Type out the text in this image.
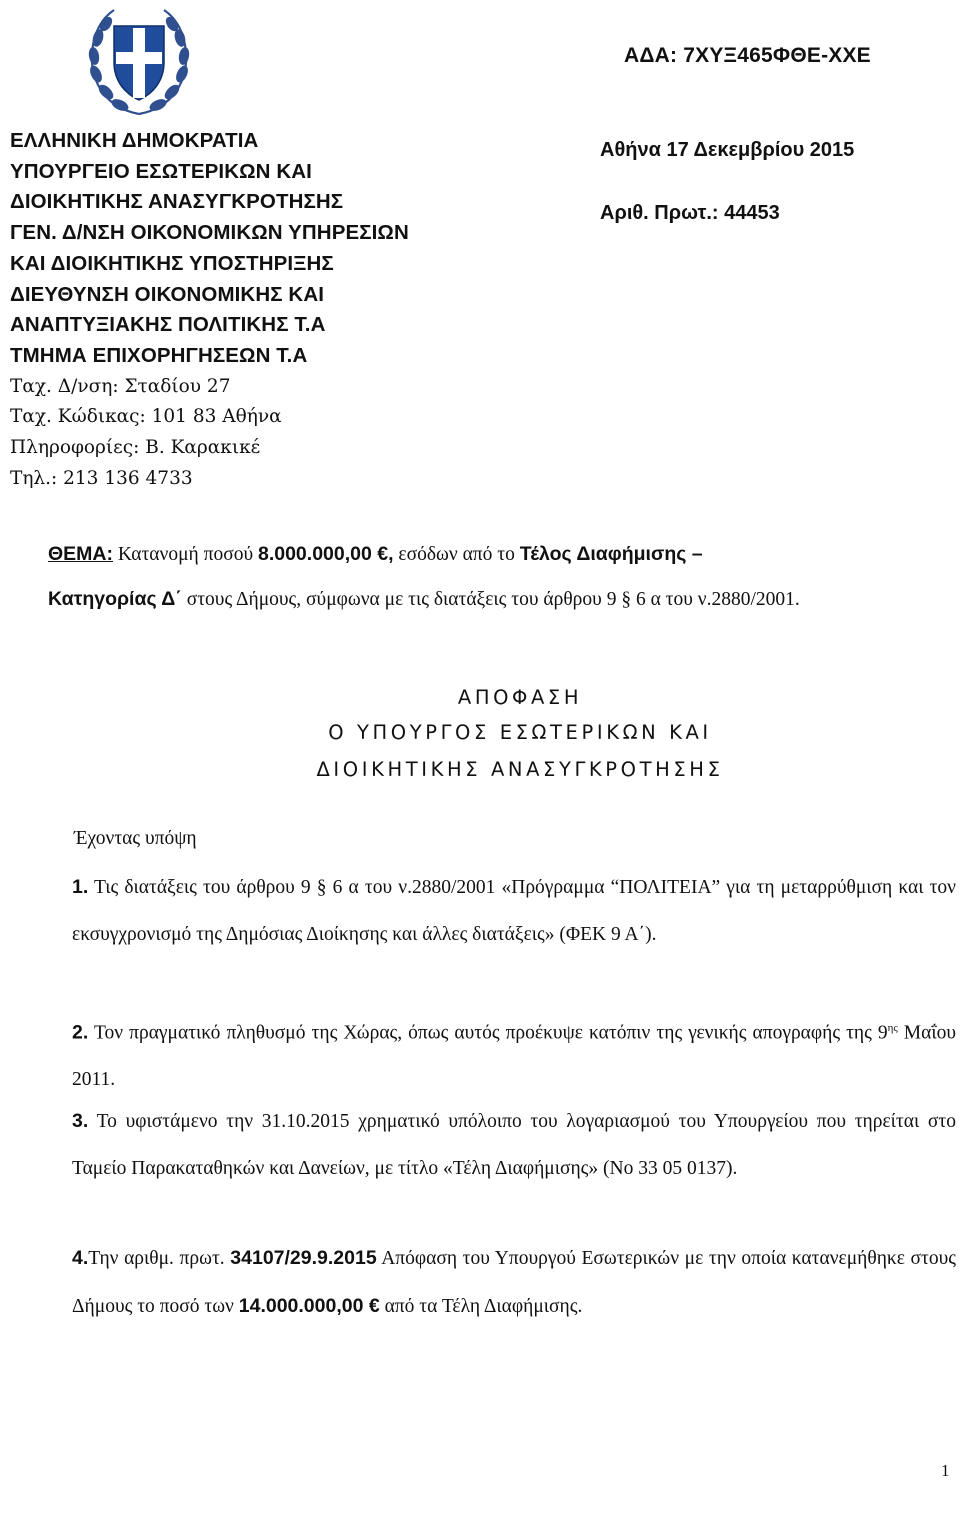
ΑΔΑ: 7ΧΥΞ465ΦΘΕ-ΧΧΕ
ΕΛΛΗΝΙΚΗ ΔΗΜΟΚΡΑΤΙΑ
ΥΠΟΥΡΓΕΙΟ ΕΣΩΤΕΡΙΚΩΝ ΚΑΙ
ΔΙΟΙΚΗΤΙΚΗΣ ΑΝΑΣΥΓΚΡΟΤΗΣΗΣ
ΓΕΝ. Δ/ΝΣΗ ΟΙΚΟΝΟΜΙΚΩΝ ΥΠΗΡΕΣΙΩΝ
ΚΑΙ ΔΙΟΙΚΗΤΙΚΗΣ ΥΠΟΣΤΗΡΙΞΗΣ
ΔΙΕΥΘΥΝΣΗ ΟΙΚΟΝΟΜΙΚΗΣ ΚΑΙ
ΑΝΑΠΤΥΞΙΑΚΗΣ ΠΟΛΙΤΙΚΗΣ Τ.Α
ΤΜΗΜΑ ΕΠΙΧΟΡΗΓΗΣΕΩΝ Τ.Α
Ταχ. Δ/νση: Σταδίου 27
Ταχ. Κώδικας: 101 83 Αθήνα
Πληροφορίες: Β. Καρακικέ
Τηλ.: 213 136 4733
Αθήνα 17 Δεκεμβρίου 2015
Αριθ. Πρωτ.: 44453
ΘΕΜΑ: Κατανομή ποσού 8.000.000,00 €, εσόδων από το Τέλος Διαφήμισης –
Κατηγορίας Δ΄ στους Δήμους, σύμφωνα με τις διατάξεις του άρθρου 9 § 6 α του ν.2880/2001.
ΑΠΟΦΑΣΗ
Ο ΥΠΟΥΡΓΟΣ ΕΣΩΤΕΡΙΚΩΝ ΚΑΙ
ΔΙΟΙΚΗΤΙΚΗΣ ΑΝΑΣΥΓΚΡΟΤΗΣΗΣ
Έχοντας υπόψη
1. Τις διατάξεις του άρθρου 9 § 6 α του ν.2880/2001 «Πρόγραμμα “ΠΟΛΙΤΕΙΑ” για τη μεταρρύθμιση και τον εκσυγχρονισμό της Δημόσιας Διοίκησης και άλλες διατάξεις» (ΦΕΚ 9 Α΄).
2. Τον πραγματικό πληθυσμό της Χώρας, όπως αυτός προέκυψε κατόπιν της γενικής απογραφής της $9^{\eta\varsigma}$ Μαΐου 2011.
3. Το υφιστάμενο την 31.10.2015 χρηματικό υπόλοιπο του λογαριασμού του Υπουργείου που τηρείται στο Ταμείο Παρακαταθηκών και Δανείων, με τίτλο «Τέλη Διαφήμισης» (Νο 33 05 0137).
4.Την αριθμ. πρωτ. 34107/29.9.2015 Απόφαση του Υπουργού Εσωτερικών με την οποία κατανεμήθηκε στους Δήμους το ποσό των 14.000.000,00 € από τα Τέλη Διαφήμισης.
1
